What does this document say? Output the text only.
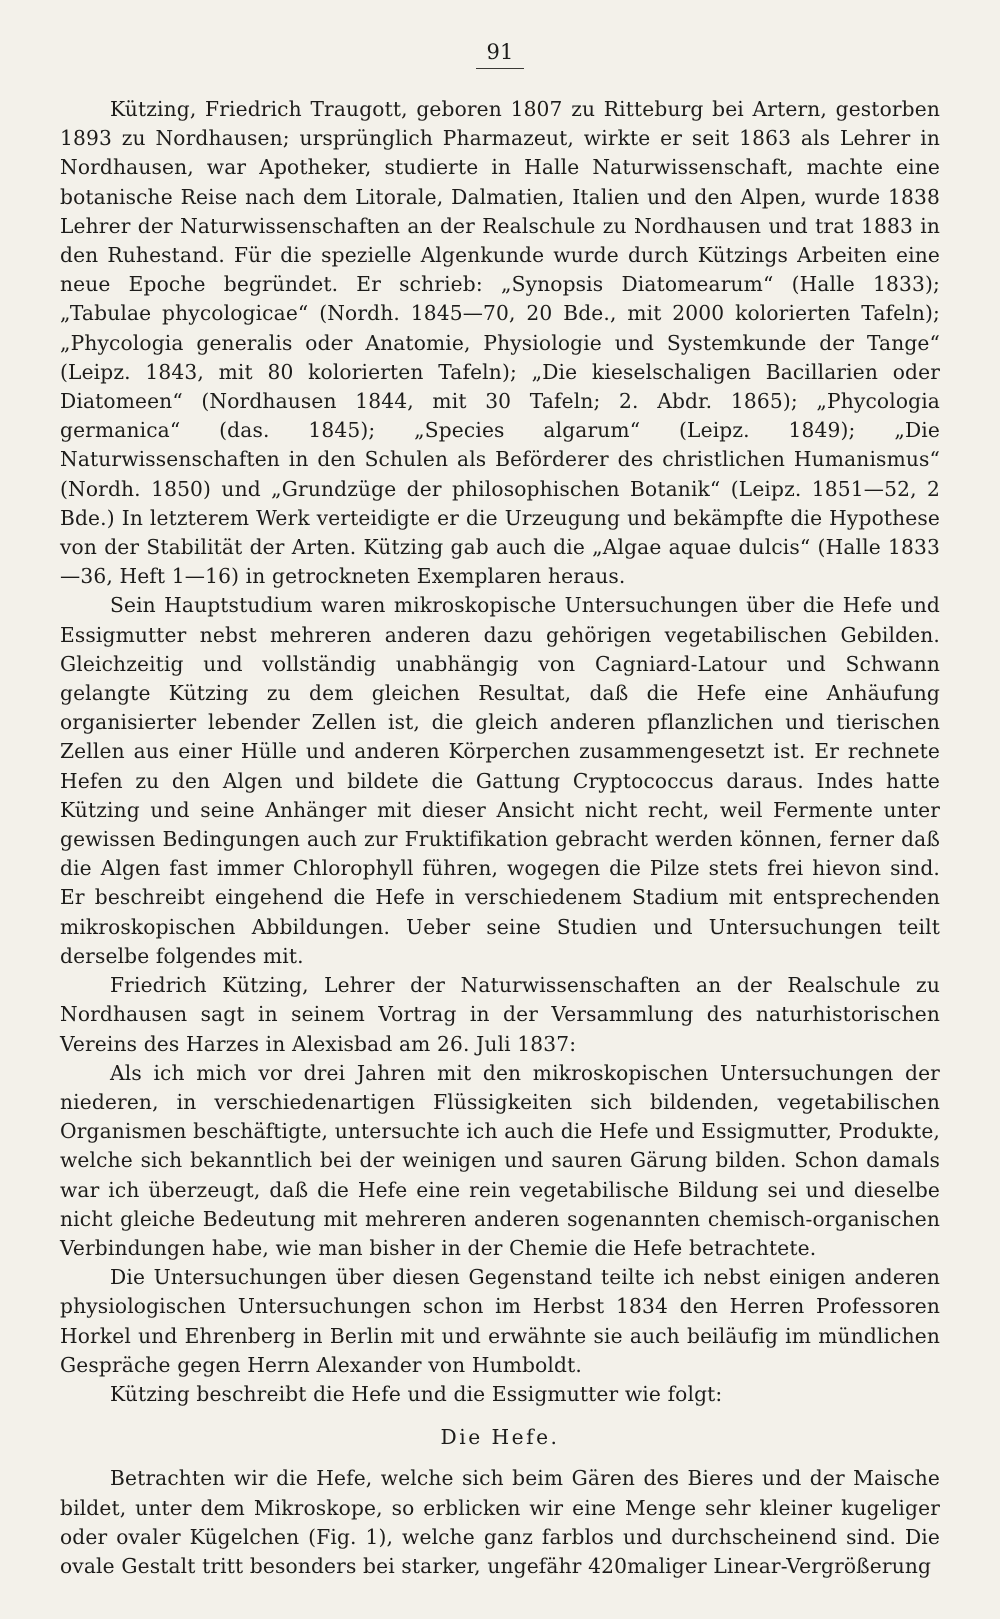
91

Kützing, Friedrich Traugott, geboren 1807 zu Ritteburg bei Artern, gestorben 1893 zu Nordhausen; ursprünglich Pharmazeut, wirkte er seit 1863 als Lehrer in Nordhausen, war Apotheker, studierte in Halle Naturwissenschaft, machte eine botanische Reise nach dem Litorale, Dalmatien, Italien und den Alpen, wurde 1838 Lehrer der Naturwissenschaften an der Realschule zu Nordhausen und trat 1883 in den Ruhestand. Für die spezielle Algenkunde wurde durch Kützings Arbeiten eine neue Epoche begründet. Er schrieb: „Synopsis Diatomearum“ (Halle 1833); „Tabulae phycologicae“ (Nordh. 1845—70, 20 Bde., mit 2000 kolorierten Tafeln); „Phycologia generalis oder Anatomie, Physiologie und Systemkunde der Tange“ (Leipz. 1843, mit 80 kolorierten Tafeln); „Die kieselschaligen Bacillarien oder Diatomeen“ (Nordhausen 1844, mit 30 Tafeln; 2. Abdr. 1865); „Phycologia germanica“ (das. 1845); „Species algarum“ (Leipz. 1849); „Die Naturwissenschaften in den Schulen als Beförderer des christlichen Humanismus“ (Nordh. 1850) und „Grundzüge der philosophischen Botanik“ (Leipz. 1851—52, 2 Bde.) In letzterem Werk verteidigte er die Urzeugung und bekämpfte die Hypothese von der Stabilität der Arten. Kützing gab auch die „Algae aquae dulcis“ (Halle 1833—36, Heft 1—16) in getrockneten Exemplaren heraus.

Sein Hauptstudium waren mikroskopische Untersuchungen über die Hefe und Essigmutter nebst mehreren anderen dazu gehörigen vegetabilischen Gebilden. Gleichzeitig und vollständig unabhängig von Cagniard-Latour und Schwann gelangte Kützing zu dem gleichen Resultat, daß die Hefe eine Anhäufung organisierter lebender Zellen ist, die gleich anderen pflanzlichen und tierischen Zellen aus einer Hülle und anderen Körperchen zusammengesetzt ist. Er rechnete Hefen zu den Algen und bildete die Gattung Cryptococcus daraus. Indes hatte Kützing und seine Anhänger mit dieser Ansicht nicht recht, weil Fermente unter gewissen Bedingungen auch zur Fruktifikation gebracht werden können, ferner daß die Algen fast immer Chlorophyll führen, wogegen die Pilze stets frei hievon sind. Er beschreibt eingehend die Hefe in verschiedenem Stadium mit entsprechenden mikroskopischen Abbildungen. Ueber seine Studien und Untersuchungen teilt derselbe folgendes mit.

Friedrich Kützing, Lehrer der Naturwissenschaften an der Realschule zu Nordhausen sagt in seinem Vortrag in der Versammlung des naturhistorischen Vereins des Harzes in Alexisbad am 26. Juli 1837:

Als ich mich vor drei Jahren mit den mikroskopischen Untersuchungen der niederen, in verschiedenartigen Flüssigkeiten sich bildenden, vegetabilischen Organismen beschäftigte, untersuchte ich auch die Hefe und Essigmutter, Produkte, welche sich bekanntlich bei der weinigen und sauren Gärung bilden. Schon damals war ich überzeugt, daß die Hefe eine rein vegetabilische Bildung sei und dieselbe nicht gleiche Bedeutung mit mehreren anderen sogenannten chemisch-organischen Verbindungen habe, wie man bisher in der Chemie die Hefe betrachtete.

Die Untersuchungen über diesen Gegenstand teilte ich nebst einigen anderen physiologischen Untersuchungen schon im Herbst 1834 den Herren Professoren Horkel und Ehrenberg in Berlin mit und erwähnte sie auch beiläufig im mündlichen Gespräche gegen Herrn Alexander von Humboldt.

Kützing beschreibt die Hefe und die Essigmutter wie folgt:

Die Hefe.

Betrachten wir die Hefe, welche sich beim Gären des Bieres und der Maische bildet, unter dem Mikroskope, so erblicken wir eine Menge sehr kleiner kugeliger oder ovaler Kügelchen (Fig. 1), welche ganz farblos und durchscheinend sind. Die ovale Gestalt tritt besonders bei starker, ungefähr 420maliger Linear-Vergrößerung
